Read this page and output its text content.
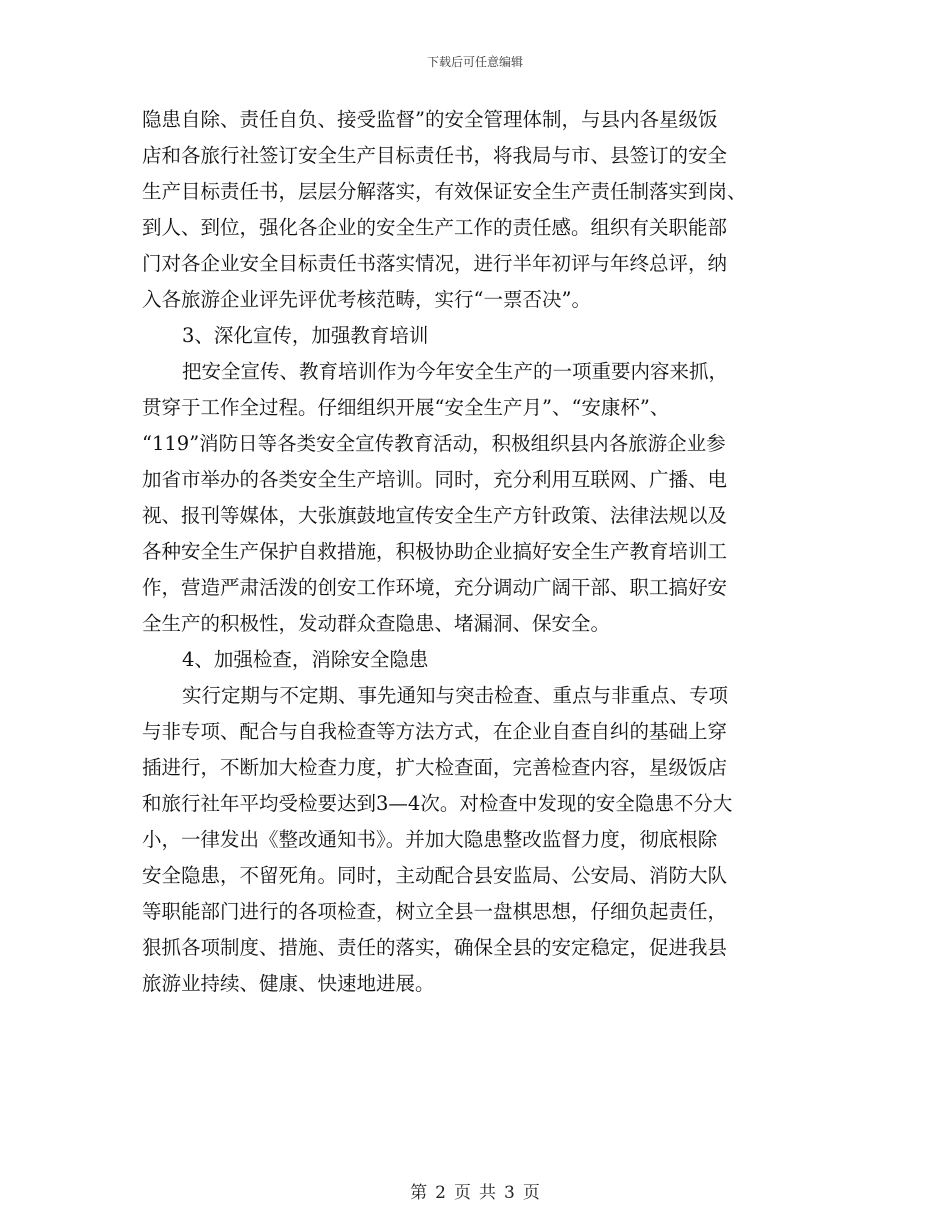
下载后可任意编辑
隐患自除、责任自负、接受监督”的安全管理体制，与县内各星级饭
店和各旅行社签订安全生产目标责任书，将我局与市、县签订的安全
生产目标责任书，层层分解落实，有效保证安全生产责任制落实到岗、
到人、到位，强化各企业的安全生产工作的责任感。组织有关职能部
门对各企业安全目标责任书落实情况，进行半年初评与年终总评，纳
入各旅游企业评先评优考核范畴，实行“一票否决”。
3、深化宣传，加强教育培训
把安全宣传、教育培训作为今年安全生产的一项重要内容来抓，
贯穿于工作全过程。仔细组织开展“安全生产月”、“安康杯”、
“119”消防日等各类安全宣传教育活动，积极组织县内各旅游企业参
加省市举办的各类安全生产培训。同时，充分利用互联网、广播、电
视、报刊等媒体，大张旗鼓地宣传安全生产方针政策、法律法规以及
各种安全生产保护自救措施，积极协助企业搞好安全生产教育培训工
作，营造严肃活泼的创安工作环境，充分调动广阔干部、职工搞好安
全生产的积极性，发动群众查隐患、堵漏洞、保安全。
4、加强检查，消除安全隐患
实行定期与不定期、事先通知与突击检查、重点与非重点、专项
与非专项、配合与自我检查等方法方式，在企业自查自纠的基础上穿
插进行，不断加大检查力度，扩大检查面，完善检查内容，星级饭店
和旅行社年平均受检要达到3—4次。对检查中发现的安全隐患不分大
小，一律发出《整改通知书》。并加大隐患整改监督力度，彻底根除
安全隐患，不留死角。同时，主动配合县安监局、公安局、消防大队
等职能部门进行的各项检查，树立全县一盘棋思想，仔细负起责任，
狠抓各项制度、措施、责任的落实，确保全县的安定稳定，促进我县
旅游业持续、健康、快速地进展。
第 2 页 共 3 页
